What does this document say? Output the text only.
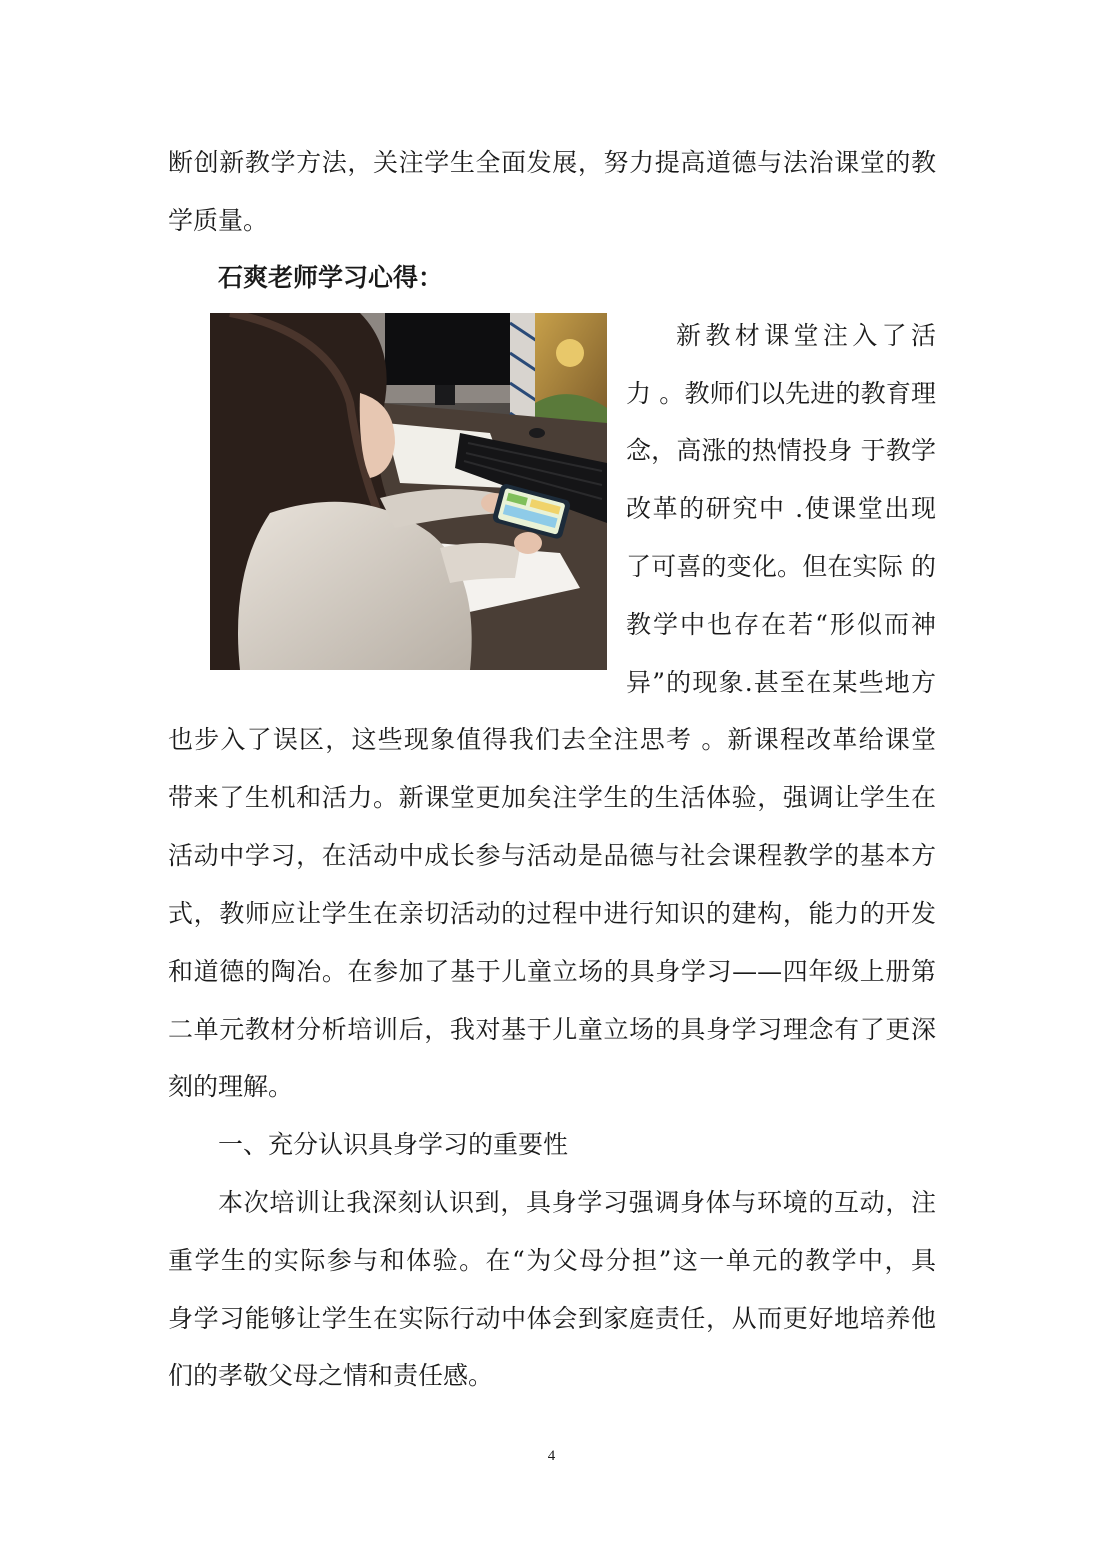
断创新教学方法，关注学生全面发展，努力提高道德与法治课堂的教
学质量。
石爽老师学习心得：
新教材课堂注入了活
力 。教师们以先进的教育理
念，高涨的热情投身 于教学
改革的研究中 .使课堂出现
了可喜的变化。但在实际 的
教学中也存在若“形似而神
异”的现象.甚至在某些地方
也步入了误区，这些现象值得我们去全注思考 。新课程改革给课堂
带来了生机和活力。新课堂更加矣注学生的生活体验，强调让学生在
活动中学习，在活动中成长参与活动是品德与社会课程教学的基本方
式，教师应让学生在亲切活动的过程中进行知识的建构，能力的开发
和道德的陶冶。在参加了基于儿童立场的具身学习——四年级上册第
二单元教材分析培训后，我对基于儿童立场的具身学习理念有了更深
刻的理解。
一、充分认识具身学习的重要性
本次培训让我深刻认识到，具身学习强调身体与环境的互动，注
重学生的实际参与和体验。在“为父母分担”这一单元的教学中，具
身学习能够让学生在实际行动中体会到家庭责任，从而更好地培养他
们的孝敬父母之情和责任感。
4
